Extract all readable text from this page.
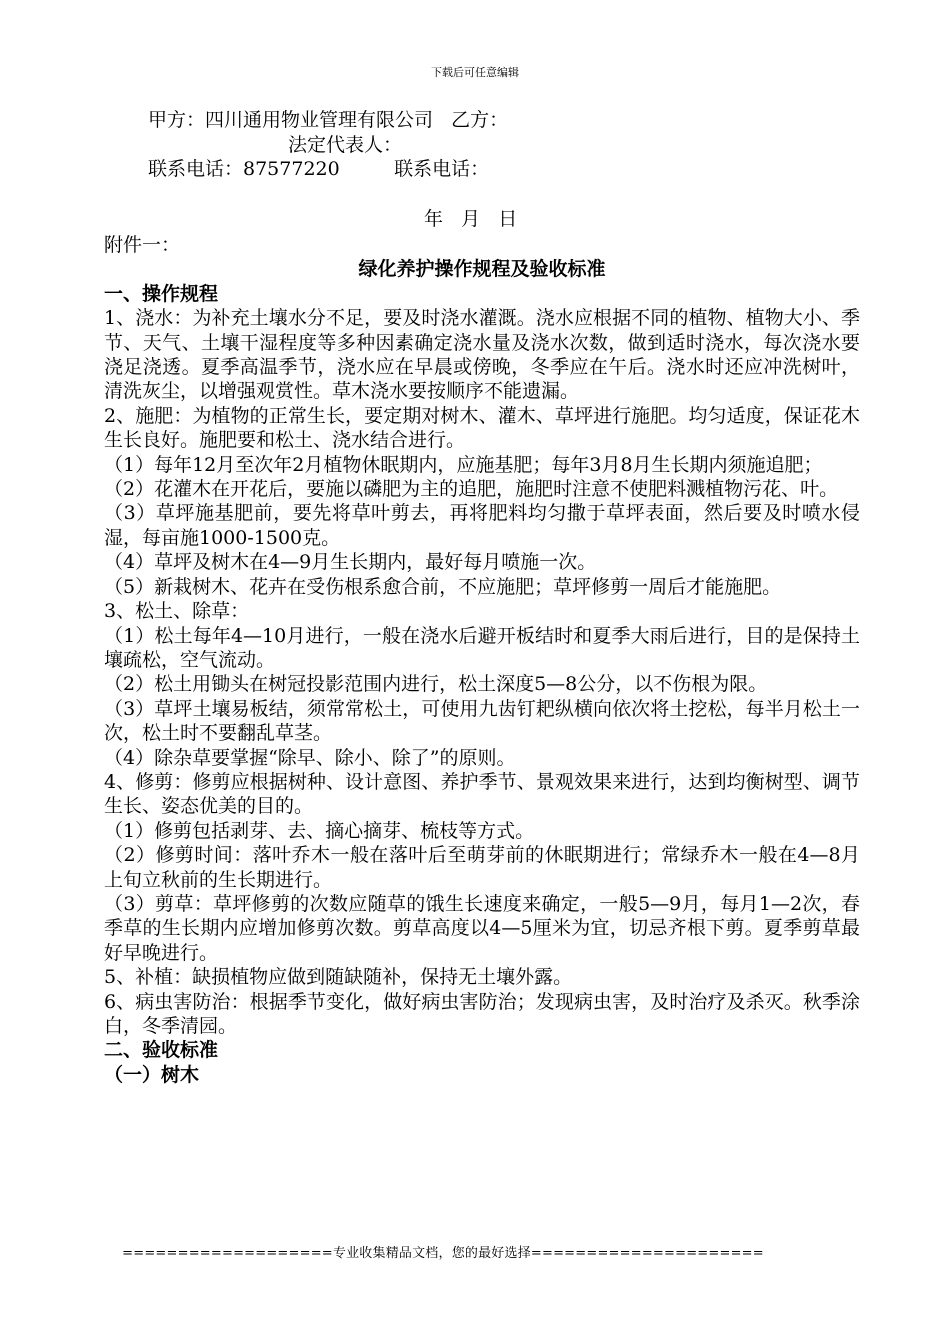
下载后可任意编辑
甲方：四川通用物业管理有限公司   乙方：
法定代表人：
联系电话：87577220         联系电话：
年   月   日

附件一：

绿化养护操作规程及验收标准

一、操作规程

1、浇水：为补充土壤水分不足，要及时浇水灌溉。浇水应根据不同的植物、植物大小、季节、天气、土壤干湿程度等多种因素确定浇水量及浇水次数，做到适时浇水，每次浇水要浇足浇透。夏季高温季节，浇水应在早晨或傍晚，冬季应在午后。浇水时还应冲洗树叶，清洗灰尘，以增强观赏性。草木浇水要按顺序不能遗漏。

2、施肥：为植物的正常生长，要定期对树木、灌木、草坪进行施肥。均匀适度，保证花木生长良好。施肥要和松土、浇水结合进行。

（1）每年12月至次年2月植物休眠期内，应施基肥；每年3月8月生长期内须施追肥；

（2）花灌木在开花后，要施以磷肥为主的追肥，施肥时注意不使肥料溅植物污花、叶。

（3）草坪施基肥前，要先将草叶剪去，再将肥料均匀撒于草坪表面，然后要及时喷水侵湿，每亩施1000-1500克。

（4）草坪及树木在4—9月生长期内，最好每月喷施一次。

（5）新栽树木、花卉在受伤根系愈合前，不应施肥；草坪修剪一周后才能施肥。

3、松土、除草：

（1）松土每年4—10月进行，一般在浇水后避开板结时和夏季大雨后进行，目的是保持土壤疏松，空气流动。

（2）松土用锄头在树冠投影范围内进行，松土深度5—8公分，以不伤根为限。

（3）草坪土壤易板结，须常常松土，可使用九齿钉耙纵横向依次将土挖松，每半月松土一次，松土时不要翻乱草茎。

（4）除杂草要掌握“除早、除小、除了”的原则。

4、修剪：修剪应根据树种、设计意图、养护季节、景观效果来进行，达到均衡树型、调节生长、姿态优美的目的。

（1）修剪包括剥芽、去、摘心摘芽、梳枝等方式。

（2）修剪时间：落叶乔木一般在落叶后至萌芽前的休眠期进行；常绿乔木一般在4—8月上旬立秋前的生长期进行。

（3）剪草：草坪修剪的次数应随草的饿生长速度来确定，一般5—9月，每月1—2次，春季草的生长期内应增加修剪次数。剪草高度以4—5厘米为宜，切忌齐根下剪。夏季剪草最好早晚进行。

5、补植：缺损植物应做到随缺随补，保持无土壤外露。

6、病虫害防治：根据季节变化，做好病虫害防治；发现病虫害，及时治疗及杀灭。秋季涂白，冬季清园。

二、验收标准

（一）树木

===================专业收集精品文档，您的最好选择=====================
